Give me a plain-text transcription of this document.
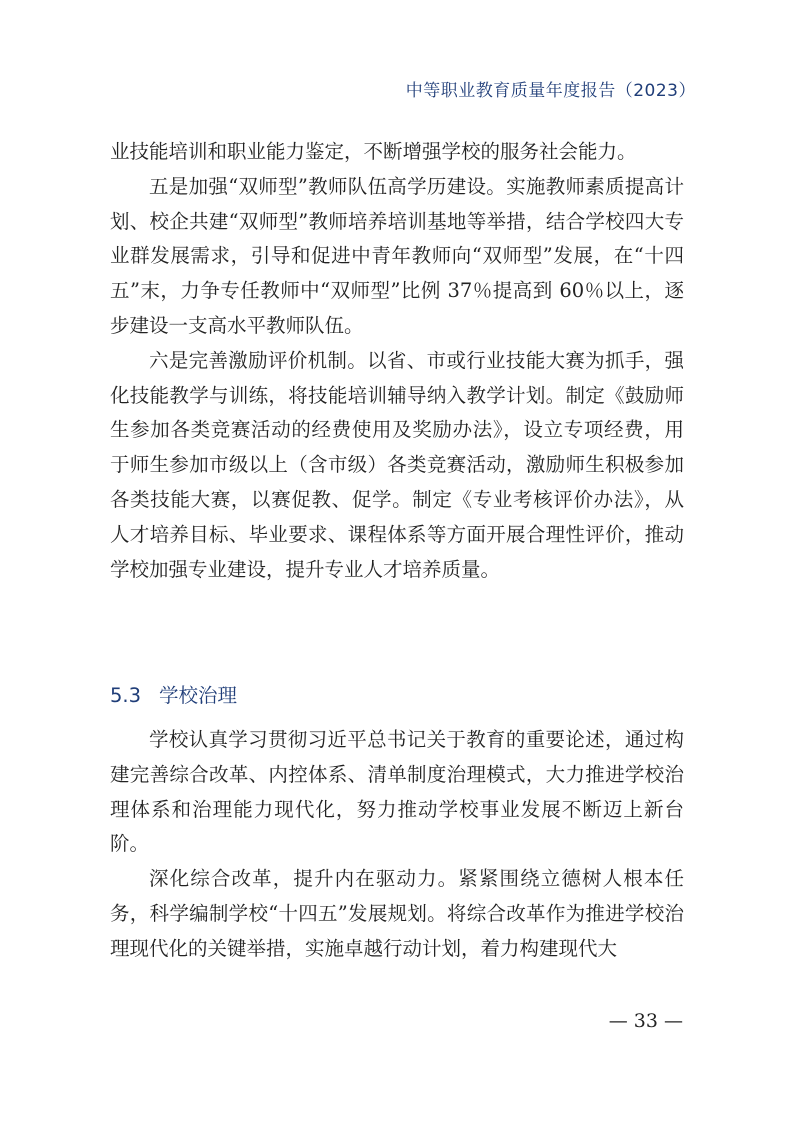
中等职业教育质量年度报告（2023）

业技能培训和职业能力鉴定，不断增强学校的服务社会能力。

五是加强“双师型”教师队伍高学历建设。实施教师素质提高计划、校企共建“双师型”教师培养培训基地等举措，结合学校四大专业群发展需求，引导和促进中青年教师向“双师型”发展，在“十四五”末，力争专任教师中“双师型”比例 37％提高到 60％以上，逐步建设一支高水平教师队伍。

六是完善激励评价机制。以省、市或行业技能大赛为抓手，强化技能教学与训练，将技能培训辅导纳入教学计划。制定《鼓励师生参加各类竞赛活动的经费使用及奖励办法》，设立专项经费，用于师生参加市级以上（含市级）各类竞赛活动，激励师生积极参加各类技能大赛，以赛促教、促学。制定《专业考核评价办法》，从人才培养目标、毕业要求、课程体系等方面开展合理性评价，推动学校加强专业建设，提升专业人才培养质量。

5.3 学校治理

学校认真学习贯彻习近平总书记关于教育的重要论述，通过构建完善综合改革、内控体系、清单制度治理模式，大力推进学校治理体系和治理能力现代化，努力推动学校事业发展不断迈上新台阶。

深化综合改革，提升内在驱动力。紧紧围绕立德树人根本任务，科学编制学校“十四五”发展规划。将综合改革作为推进学校治理现代化的关键举措，实施卓越行动计划，着力构建现代大

— 33 —
